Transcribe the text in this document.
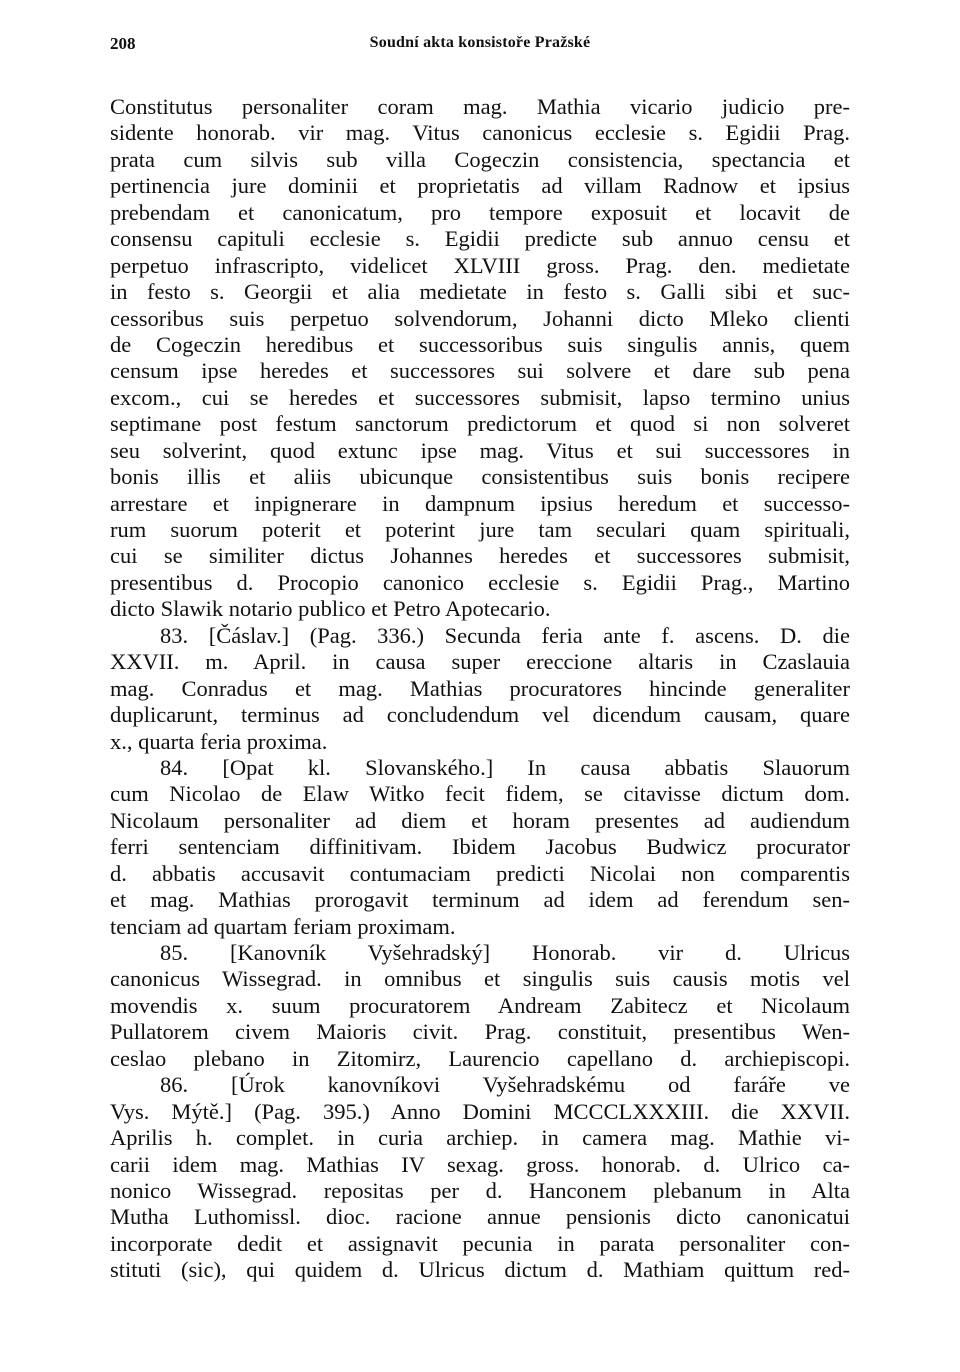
208	Soudní akta konsistoře Pražské
Constitutus personaliter coram mag. Mathia vicario judicio pre-
sidente honorab. vir mag. Vitus canonicus ecclesie s. Egidii Prag.
prata cum silvis sub villa Cogeczin consistencia, spectancia et
pertinencia jure dominii et proprietatis ad villam Radnow et ipsius
prebendam et canonicatum, pro tempore exposuit et locavit de
consensu capituli ecclesie s. Egidii predicte sub annuo censu et
perpetuo infrascripto, videlicet XLVIII gross. Prag. den. medietate
in festo s. Georgii et alia medietate in festo s. Galli sibi et suc-
cessoribus suis perpetuo solvendorum, Johanni dicto Mleko clienti
de Cogeczin heredibus et successoribus suis singulis annis, quem
censum ipse heredes et successores sui solvere et dare sub pena
excom., cui se heredes et successores submisit, lapso termino unius
septimane post festum sanctorum predictorum et quod si non solveret
seu solverint, quod extunc ipse mag. Vitus et sui successores in
bonis illis et aliis ubicunque consistentibus suis bonis recipere
arrestare et inpignerare in dampnum ipsius heredum et successo-
rum suorum poterit et poterint jure tam seculari quam spirituali,
cui se similiter dictus Johannes heredes et successores submisit,
presentibus d. Procopio canonico ecclesie s. Egidii Prag., Martino
dicto Slawik notario publico et Petro Apotecario.
83. [Čáslav.] (Pag. 336.) Secunda feria ante f. ascens. D. die
XXVII. m. April. in causa super ereccione altaris in Czaslauia
mag. Conradus et mag. Mathias procuratores hincinde generaliter
duplicarunt, terminus ad concludendum vel dicendum causam, quare
x., quarta feria proxima.
84. [Opat kl. Slovanského.] In causa abbatis Slauorum
cum Nicolao de Elaw Witko fecit fidem, se citavisse dictum dom.
Nicolaum personaliter ad diem et horam presentes ad audiendum
ferri sentenciam diffinitivam. Ibidem Jacobus Budwicz procurator
d. abbatis accusavit contumaciam predicti Nicolai non comparentis
et mag. Mathias prorogavit terminum ad idem ad ferendum sen-
tenciam ad quartam feriam proximam.
85. [Kanovník Vyšehradský] Honorab. vir d. Ulricus
canonicus Wissegrad. in omnibus et singulis suis causis motis vel
movendis x. suum procuratorem Andream Zabitecz et Nicolaum
Pullatorem civem Maioris civit. Prag. constituit, presentibus Wen-
ceslao plebano in Zitomirz, Laurencio capellano d. archiepiscopi.
86. [Úrok kanovníkovi Vyšehradskému od faráře ve
Vys. Mýtě.] (Pag. 395.) Anno Domini MCCCLXXXIII. die XXVII.
Aprilis h. complet. in curia archiep. in camera mag. Mathie vi-
carii idem mag. Mathias IV sexag. gross. honorab. d. Ulrico ca-
nonico Wissegrad. repositas per d. Hanconem plebanum in Alta
Mutha Luthomissl. dioc. racione annue pensionis dicto canonicatui
incorporate dedit et assignavit pecunia in parata personaliter con-
stituti (sic), qui quidem d. Ulricus dictum d. Mathiam quittum red-
